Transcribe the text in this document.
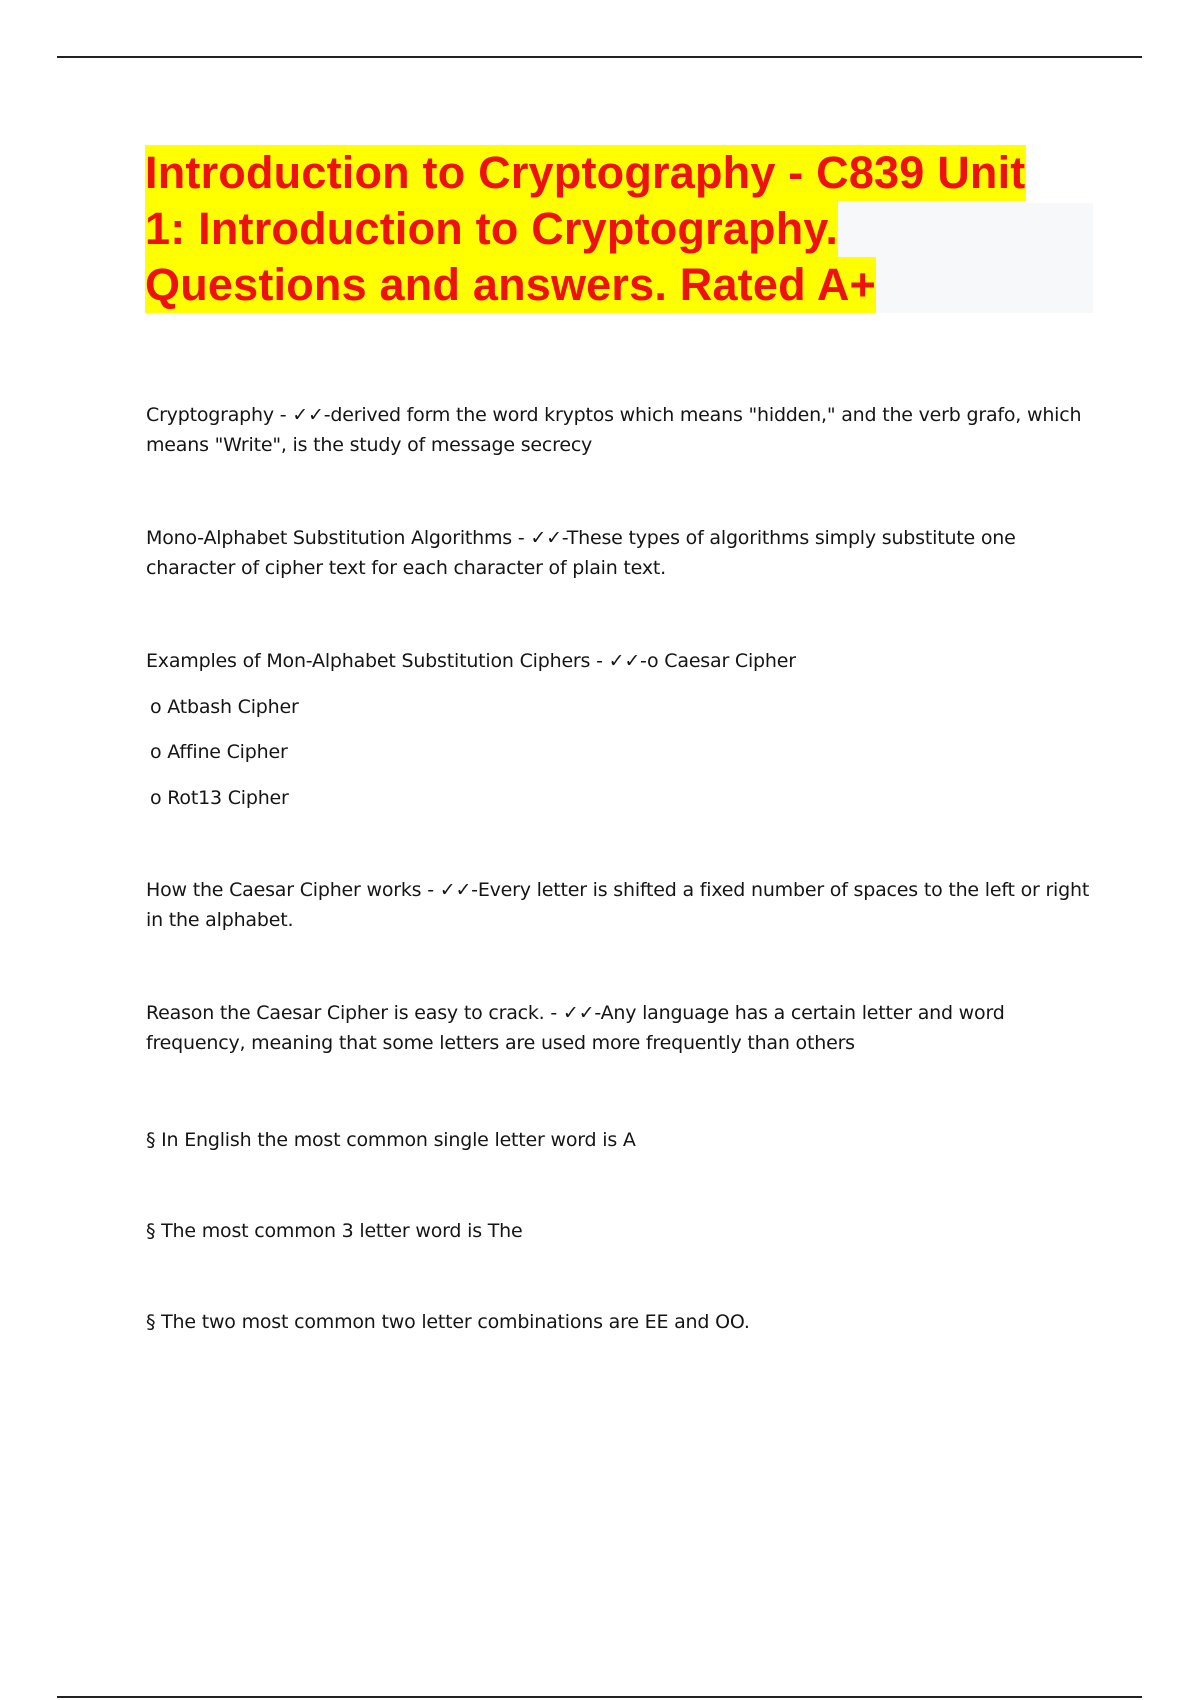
Introduction to Cryptography - C839 Unit
1: Introduction to Cryptography.
Questions and answers. Rated A+

Cryptography - ✓✓-derived form the word kryptos which means "hidden," and the verb grafo, which means "Write", is the study of message secrecy

Mono-Alphabet Substitution Algorithms - ✓✓-These types of algorithms simply substitute one character of cipher text for each character of plain text.

Examples of Mon-Alphabet Substitution Ciphers - ✓✓-o Caesar Cipher

o Atbash Cipher

o Affine Cipher

o Rot13 Cipher

How the Caesar Cipher works - ✓✓-Every letter is shifted a fixed number of spaces to the left or right in the alphabet.

Reason the Caesar Cipher is easy to crack. - ✓✓-Any language has a certain letter and word frequency, meaning that some letters are used more frequently than others

§ In English the most common single letter word is A

§ The most common 3 letter word is The

§ The two most common two letter combinations are EE and OO.
